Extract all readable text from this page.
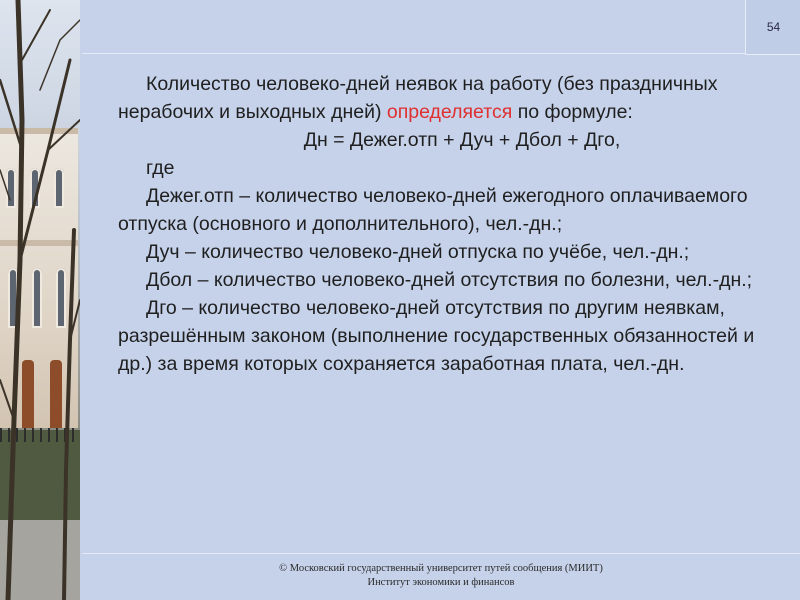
54

Количество человеко-дней неявок на работу (без праздничных нерабочих и выходных дней) определяется по формуле:

Дн = Дежег.отп + Дуч + Дбол + Дго,

где

Дежег.отп – количество человеко-дней ежегодного оплачиваемого отпуска (основного и дополнительного), чел.-дн.;

Дуч – количество человеко-дней отпуска по учёбе, чел.-дн.;

Дбол – количество человеко-дней отсутствия по болезни, чел.-дн.;

Дго – количество человеко-дней отсутствия по другим неявкам, разрешённым законом (выполнение государственных обязанностей и др.) за время которых сохраняется заработная плата, чел.-дн.

© Московский государственный университет путей сообщения (МИИТ)
Институт экономики и финансов
